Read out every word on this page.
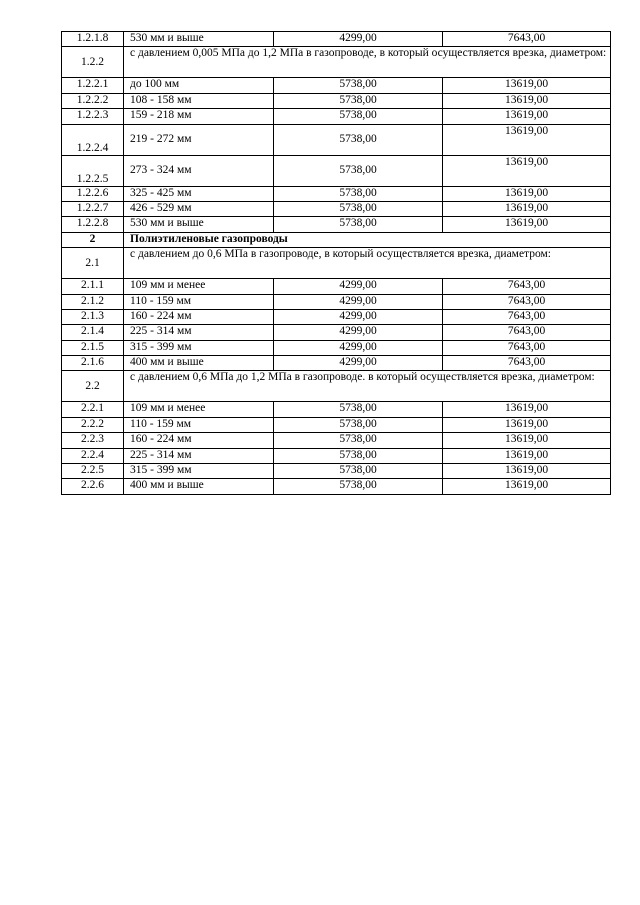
1.2.1.8	530 мм и выше	4299,00	7643,00
1.2.2	с давлением 0,005 МПа до 1,2 МПа в газопроводе, в который осуществляется врезка, диаметром:		
1.2.2.1	до 100 мм	5738,00	13619,00
1.2.2.2	108 - 158 мм	5738,00	13619,00
1.2.2.3	159 - 218 мм	5738,00	13619,00
1.2.2.4	219 - 272 мм	5738,00	13619,00
1.2.2.5	273 - 324 мм	5738,00	13619,00
1.2.2.6	325 - 425 мм	5738,00	13619,00
1.2.2.7	426 - 529 мм	5738,00	13619,00
1.2.2.8	530 мм и выше	5738,00	13619,00
2	Полиэтиленовые газопроводы		
2.1	с давлением до 0,6 МПа в газопроводе, в который осуществляется врезка, диаметром:		
2.1.1	109 мм и менее	4299,00	7643,00
2.1.2	110 - 159 мм	4299,00	7643,00
2.1.3	160 - 224 мм	4299,00	7643,00
2.1.4	225 - 314 мм	4299,00	7643,00
2.1.5	315 - 399 мм	4299,00	7643,00
2.1.6	400 мм и выше	4299,00	7643,00
2.2	с давлением 0,6 МПа до 1,2 МПа в газопроводе. в который осуществляется врезка, диаметром:		
2.2.1	109 мм и менее	5738,00	13619,00
2.2.2	110 - 159 мм	5738,00	13619,00
2.2.3	160 - 224 мм	5738,00	13619,00
2.2.4	225 - 314 мм	5738,00	13619,00
2.2.5	315 - 399 мм	5738,00	13619,00
2.2.6	400 мм и выше	5738,00	13619,00
